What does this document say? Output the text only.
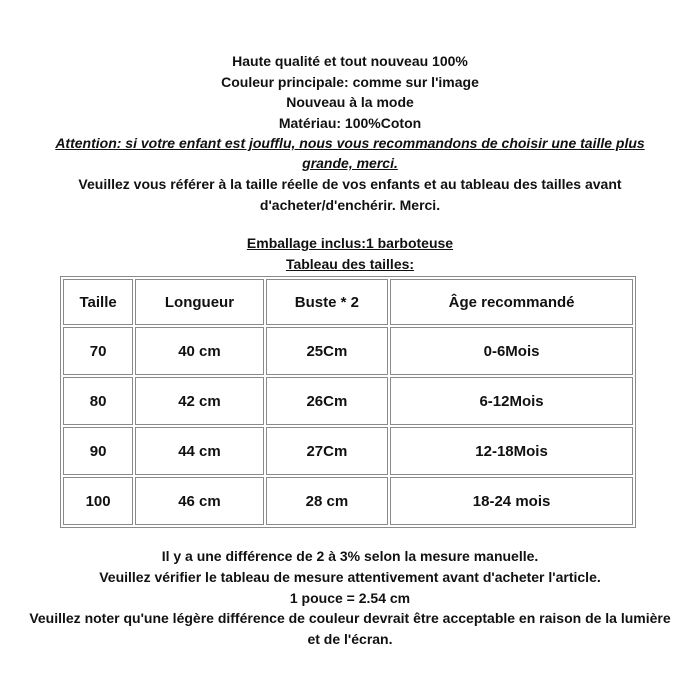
Haute qualité et tout nouveau 100%
Couleur principale: comme sur l'image
Nouveau à la mode
Matériau: 100%Coton
Attention: si votre enfant est joufflu, nous vous recommandons de choisir une taille plus
grande, merci.
Veuillez vous référer à la taille réelle de vos enfants et au tableau des tailles avant
d'acheter/d'enchérir. Merci.
Emballage inclus:1 barboteuse
Tableau des tailles:
Taille	Longueur	Buste * 2	Âge recommandé
70	40 cm	25Cm	0-6Mois
80	42 cm	26Cm	6-12Mois
90	44 cm	27Cm	12-18Mois
100	46 cm	28 cm	18-24 mois
Il y a une différence de 2 à 3% selon la mesure manuelle.
Veuillez vérifier le tableau de mesure attentivement avant d'acheter l'article.
1 pouce = 2.54 cm
Veuillez noter qu'une légère différence de couleur devrait être acceptable en raison de la lumière
et de l'écran.
